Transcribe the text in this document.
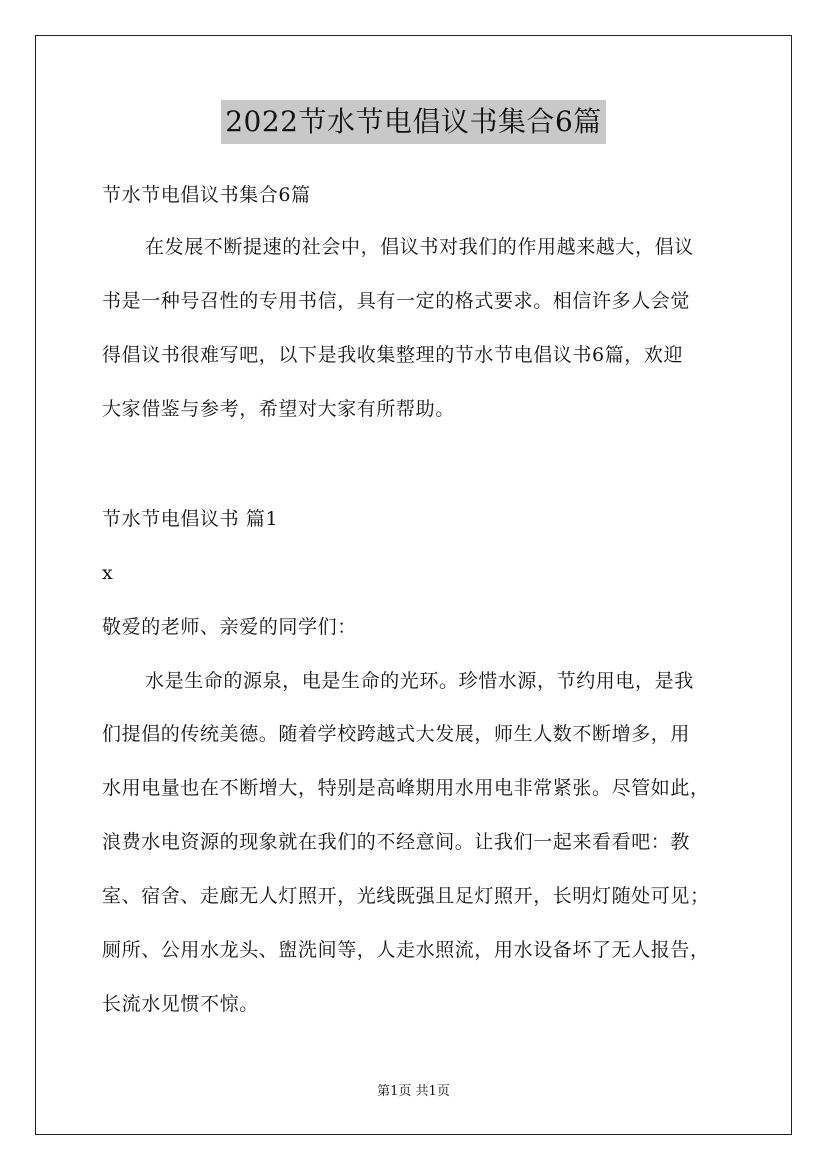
2022节水节电倡议书集合6篇
节水节电倡议书集合6篇
在发展不断提速的社会中，倡议书对我们的作用越来越大，倡议
书是一种号召性的专用书信，具有一定的格式要求。相信许多人会觉
得倡议书很难写吧，以下是我收集整理的节水节电倡议书6篇，欢迎
大家借鉴与参考，希望对大家有所帮助。
节水节电倡议书 篇1
x
敬爱的老师、亲爱的同学们：
水是生命的源泉，电是生命的光环。珍惜水源，节约用电，是我
们提倡的传统美德。随着学校跨越式大发展，师生人数不断增多，用
水用电量也在不断增大，特别是高峰期用水用电非常紧张。尽管如此，
浪费水电资源的现象就在我们的不经意间。让我们一起来看看吧：教
室、宿舍、走廊无人灯照开，光线既强且足灯照开，长明灯随处可见；
厕所、公用水龙头、盥洗间等，人走水照流，用水设备坏了无人报告，
长流水见惯不惊。
第1页 共1页
